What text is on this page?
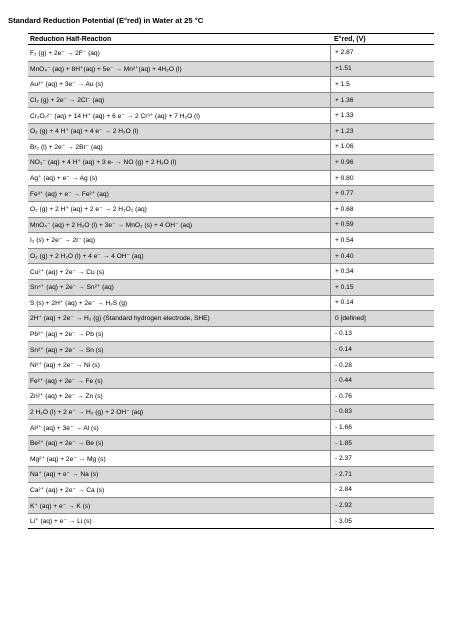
Standard Reduction Potential (E°red) in Water at 25 °C
Reduction Half-Reaction	E°red, (V)
F₂ (g) + 2e⁻ → 2F⁻ (aq)	+ 2.87
MnO₄⁻ (aq) + 8H⁺(aq) + 5e⁻ → Mn²⁺(aq) + 4H₂O (l)	+1.51
Au³⁺ (aq) + 3e⁻ → Au (s)	+ 1.5
Cl₂ (g) + 2e⁻ → 2Cl⁻ (aq)	+ 1.36
Cr₂O₇²⁻ (aq) + 14 H⁺ (aq) + 6 e⁻ → 2 Cr³⁺ (aq) + 7 H₂O (l)	+ 1.33
O₂ (g) + 4 H⁺ (aq) + 4 e⁻ → 2 H₂O (l)	+ 1.23
Br₂ (l) + 2e⁻ → 2Br⁻ (aq)	+ 1.06
NO₃⁻ (aq) + 4 H⁺ (aq) + 3 e- → NO (g) + 2 H₂O (l)	+ 0.96
Ag⁺ (aq) + e⁻ → Ag (s)	+ 0.80
Fe³⁺ (aq) + e⁻ → Fe²⁺ (aq)	+ 0.77
O₂ (g) + 2 H⁺ (aq) + 2 e⁻ → 2 H₂O₂ (aq)	+ 0.68
MnO₄⁻ (aq) + 2 H₂O (l) + 3e⁻ → MnO₂ (s) + 4 OH⁻ (aq)	+ 0.59
I₂ (s) + 2e⁻ → 2I⁻ (aq)	+ 0.54
O₂ (g) + 2 H₂O (l) + 4 e⁻ → 4 OH⁻ (aq)	+ 0.40
Cu²⁺ (aq) + 2e⁻ → Cu (s)	+ 0.34
Sn⁴⁺ (aq) + 2e⁻ → Sn²⁺ (aq)	+ 0.15
S (s) + 2H⁺ (aq) + 2e⁻ → H₂S (g)	+ 0.14
2H⁺ (aq) + 2e⁻ → H₂ (g) (Standard hydrogen electrode, SHE)	0 [defined]
Pb²⁺ (aq) + 2e⁻ → Pb (s)	- 0.13
Sn²⁺ (aq) + 2e⁻ → Sn (s)	- 0.14
Ni²⁺ (aq) + 2e⁻ → Ni (s)	- 0.28
Fe²⁺ (aq) + 2e⁻ → Fe (s)	- 0.44
Zn²⁺ (aq) + 2e⁻ → Zn (s)	- 0.76
2 H₂O (l) + 2 e⁻ → H₂ (g) + 2 OH⁻ (aq)	- 0.83
Al³⁺ (aq) + 3e⁻ → Al (s)	- 1.66
Be²⁺ (aq) + 2e⁻ → Be (s)	- 1.85
Mg²⁺ (aq) + 2e⁻ → Mg (s)	- 2.37
Na⁺ (aq) + e⁻ → Na (s)	- 2.71
Ca²⁺ (aq) + 2e⁻ → Ca (s)	- 2.84
K⁺ (aq) + e⁻ → K (s)	- 2.92
Li⁺ (aq) + e⁻ → Li (s)	- 3.05
